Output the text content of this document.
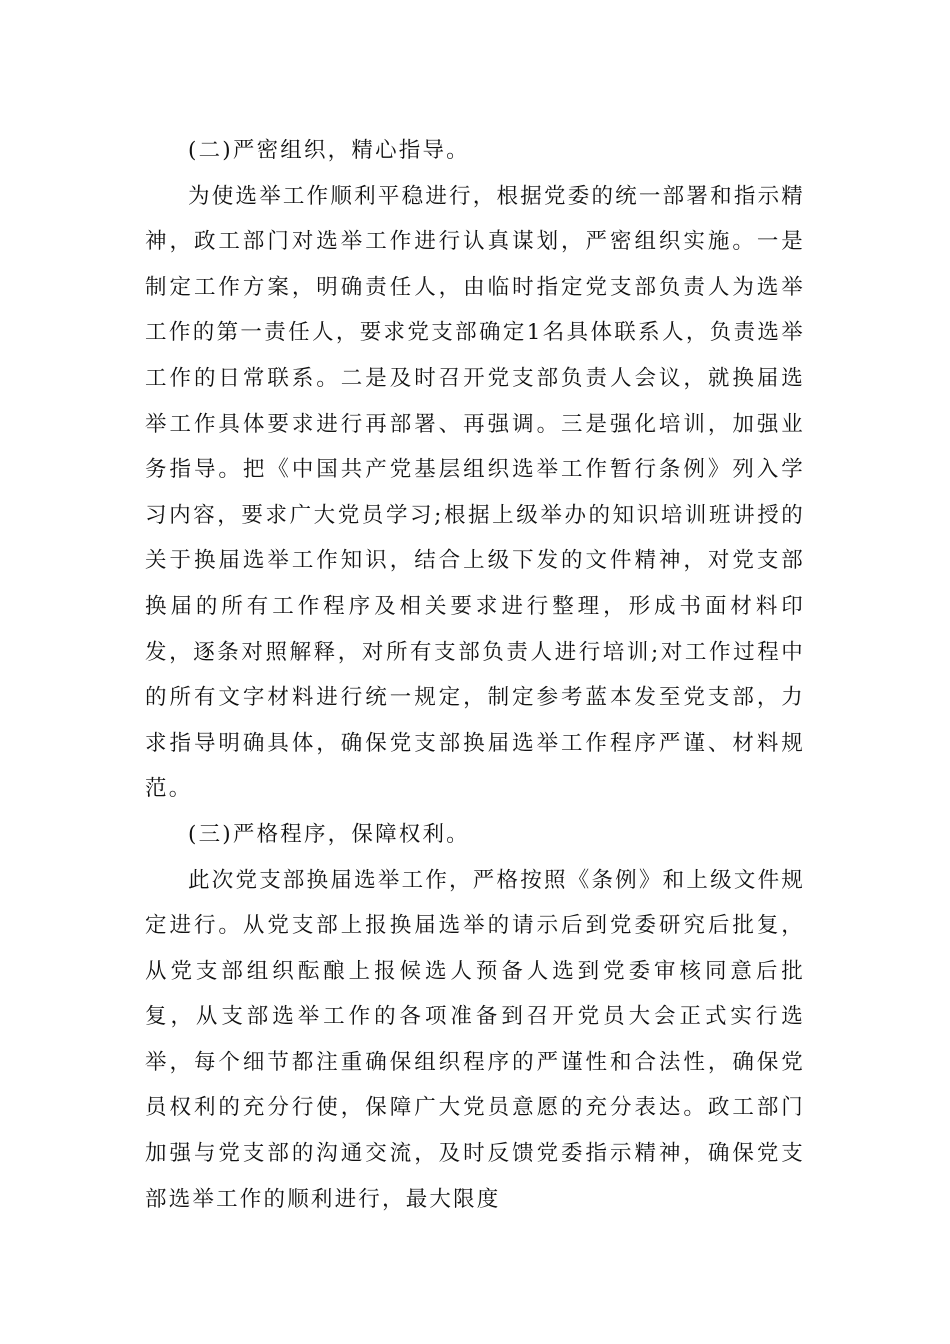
(二)严密组织，精心指导。

为使选举工作顺利平稳进行，根据党委的统一部署和指示精神，政工部门对选举工作进行认真谋划，严密组织实施。一是制定工作方案，明确责任人，由临时指定党支部负责人为选举工作的第一责任人，要求党支部确定1名具体联系人，负责选举工作的日常联系。二是及时召开党支部负责人会议，就换届选举工作具体要求进行再部署、再强调。三是强化培训，加强业务指导。把《中国共产党基层组织选举工作暂行条例》列入学习内容，要求广大党员学习;根据上级举办的知识培训班讲授的关于换届选举工作知识，结合上级下发的文件精神，对党支部换届的所有工作程序及相关要求进行整理，形成书面材料印发，逐条对照解释，对所有支部负责人进行培训;对工作过程中的所有文字材料进行统一规定，制定参考蓝本发至党支部，力求指导明确具体，确保党支部换届选举工作程序严谨、材料规范。

(三)严格程序，保障权利。

此次党支部换届选举工作，严格按照《条例》和上级文件规定进行。从党支部上报换届选举的请示后到党委研究后批复，从党支部组织酝酿上报候选人预备人选到党委审核同意后批复，从支部选举工作的各项准备到召开党员大会正式实行选举，每个细节都注重确保组织程序的严谨性和合法性，确保党员权利的充分行使，保障广大党员意愿的充分表达。政工部门加强与党支部的沟通交流，及时反馈党委指示精神，确保党支部选举工作的顺利进行，最大限度
